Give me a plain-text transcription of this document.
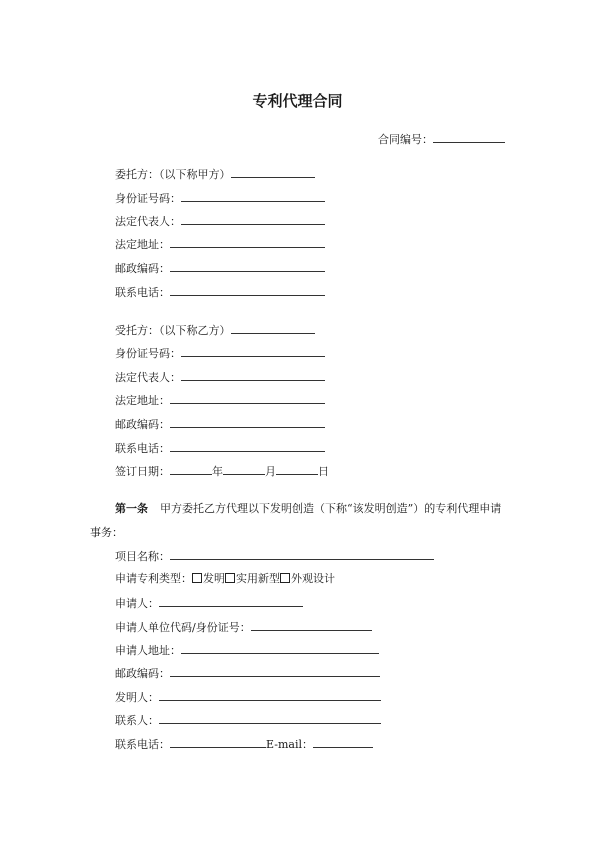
专利代理合同
合同编号：
委托方：（以下称甲方）
身份证号码：
法定代表人：
法定地址：
邮政编码：
联系电话：
受托方：（以下称乙方）
身份证号码：
法定代表人：
法定地址：
邮政编码：
联系电话：
签订日期：	年	月	日
第一条 甲方委托乙方代理以下发明创造（下称“该发明创造”）的专利代理申请事务：
项目名称：
申请专利类型： 发明 实用新型 外观设计
申请人：
申请人单位代码/身份证号：
申请人地址：
邮政编码：
发明人：
联系人：
联系电话：	E-mail：
